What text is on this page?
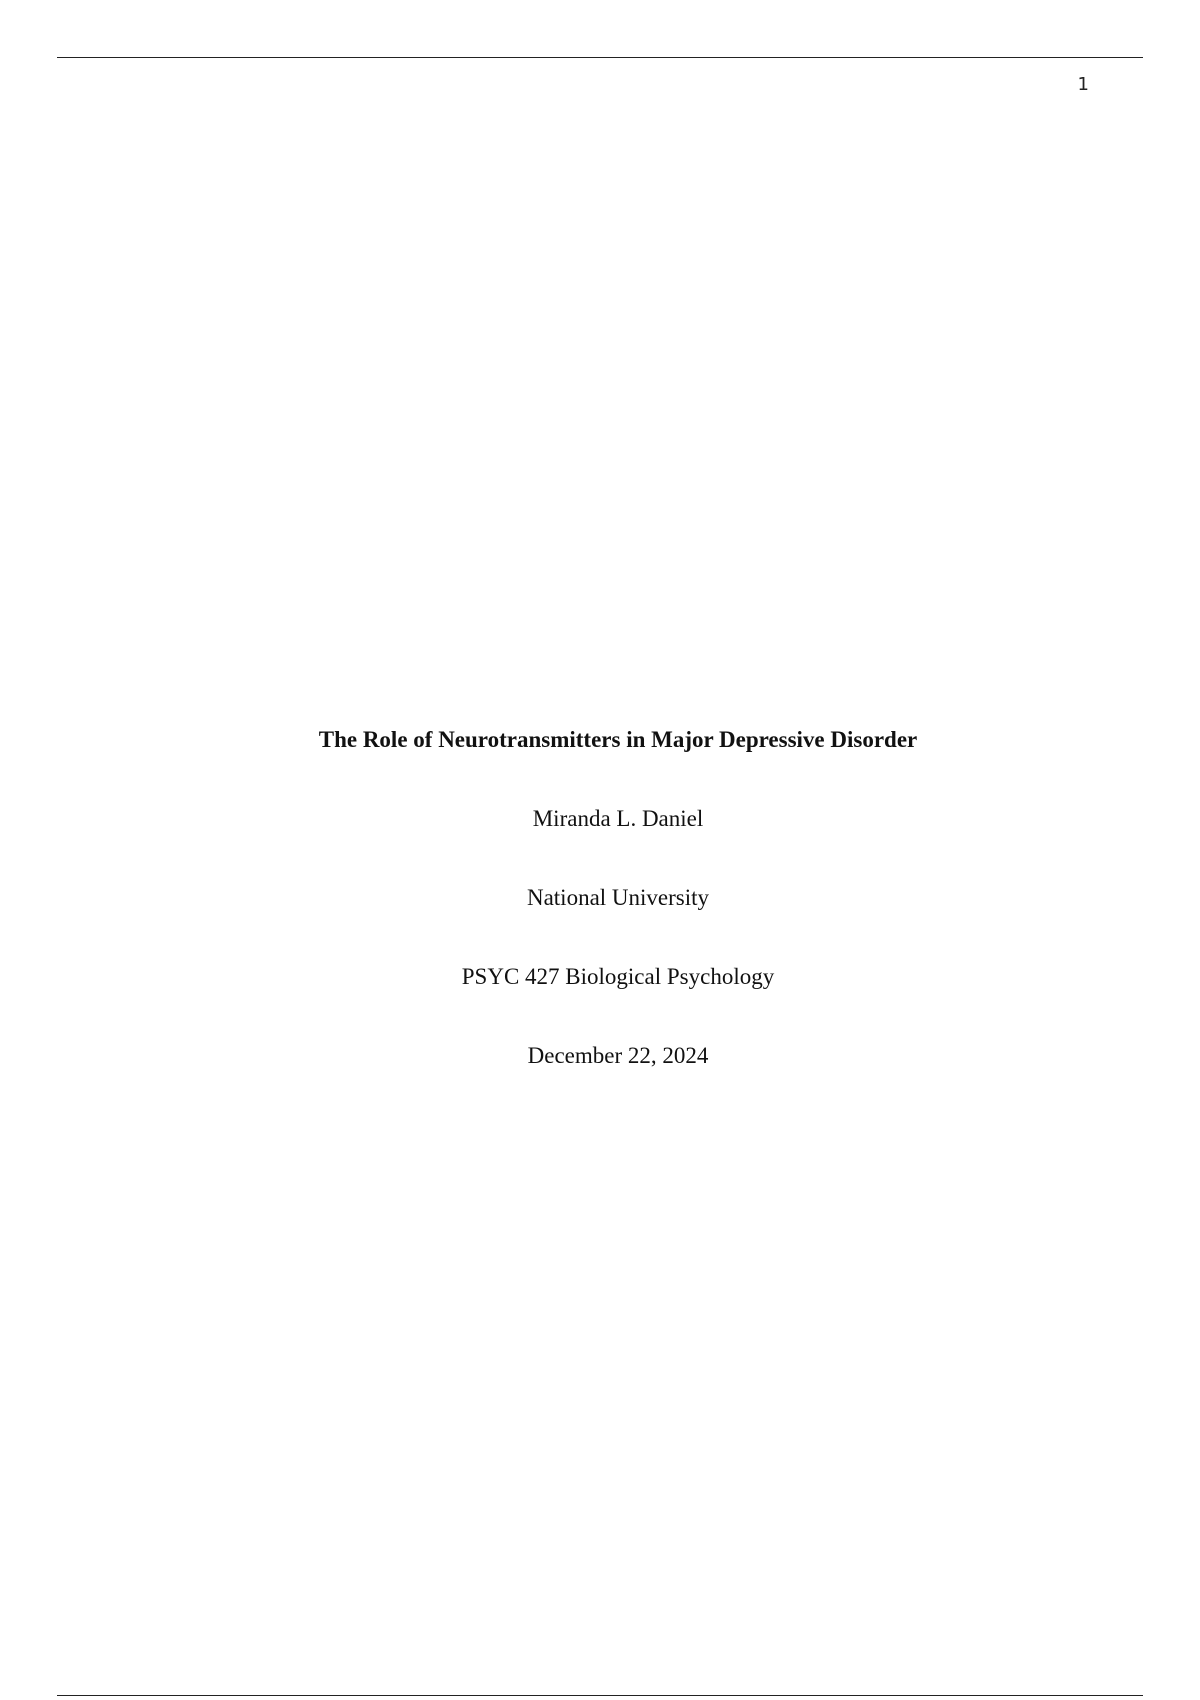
1
The Role of Neurotransmitters in Major Depressive Disorder
Miranda L. Daniel
National University
PSYC 427 Biological Psychology
December 22, 2024
